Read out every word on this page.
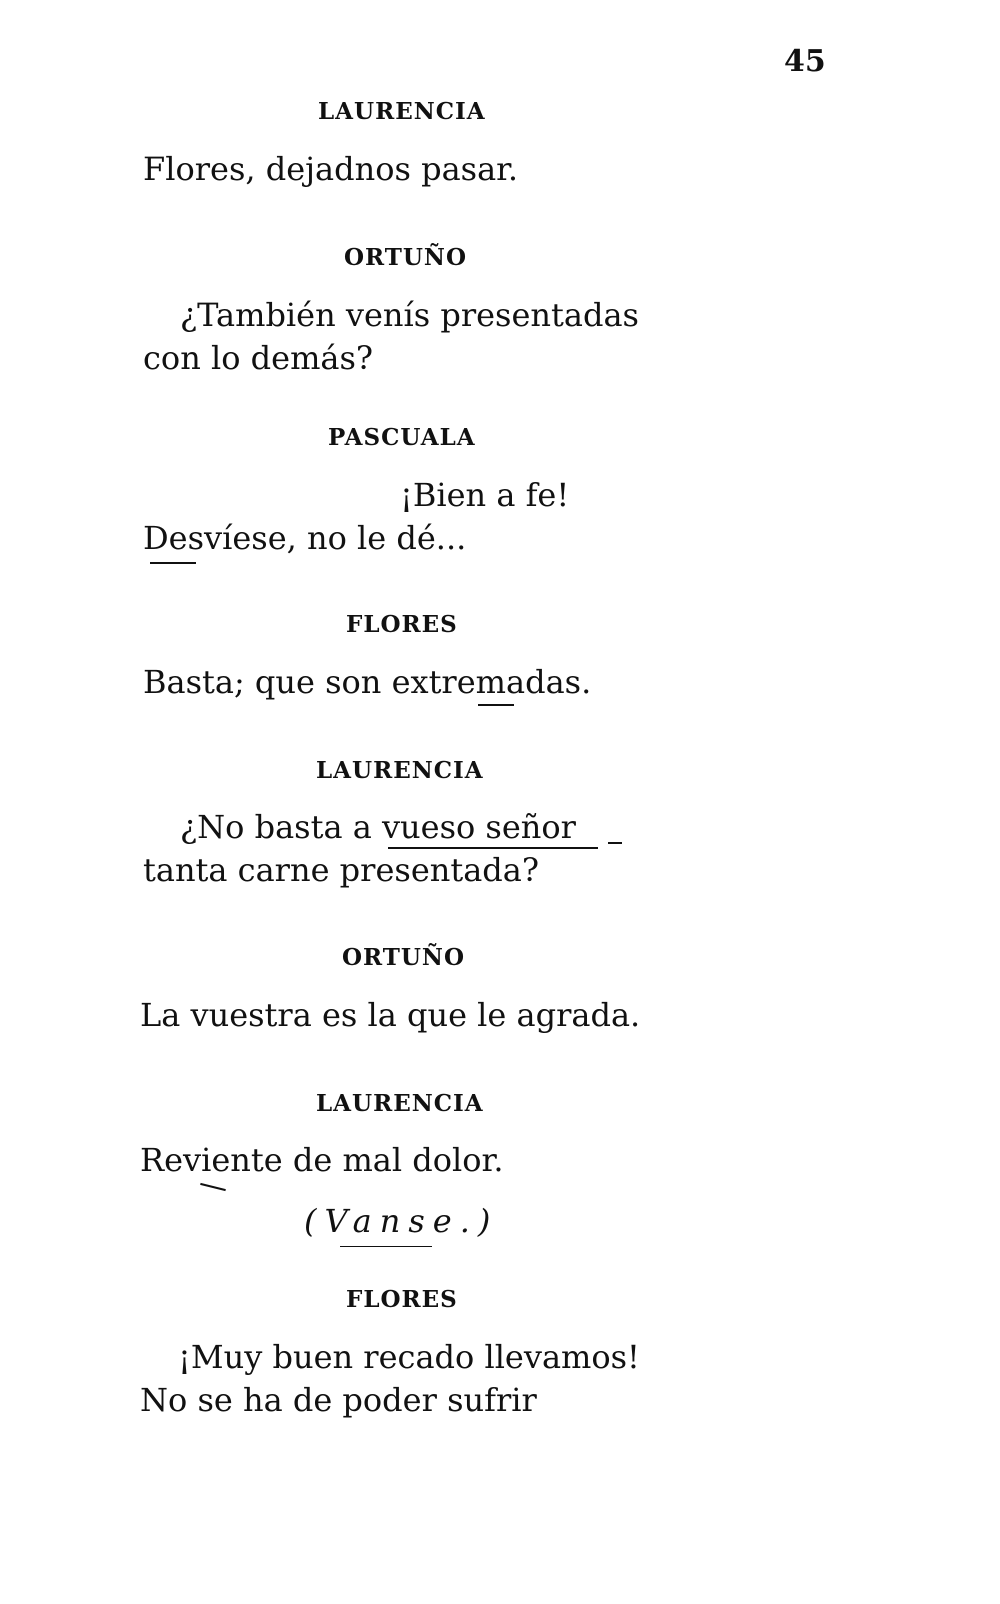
45
LAURENCIA
Flores, dejadnos pasar.
ORTUÑO
¿También venís presentadas
con lo demás?
PASCUALA
¡Bien a fe!
Desvíese, no le dé...
FLORES
Basta; que son extremadas.
LAURENCIA
¿No basta a vueso señor
tanta carne presentada?
ORTUÑO
La vuestra es la que le agrada.
LAURENCIA
Reviente de mal dolor.
(Vanse.)
FLORES
¡Muy buen recado llevamos!
No se ha de poder sufrir
